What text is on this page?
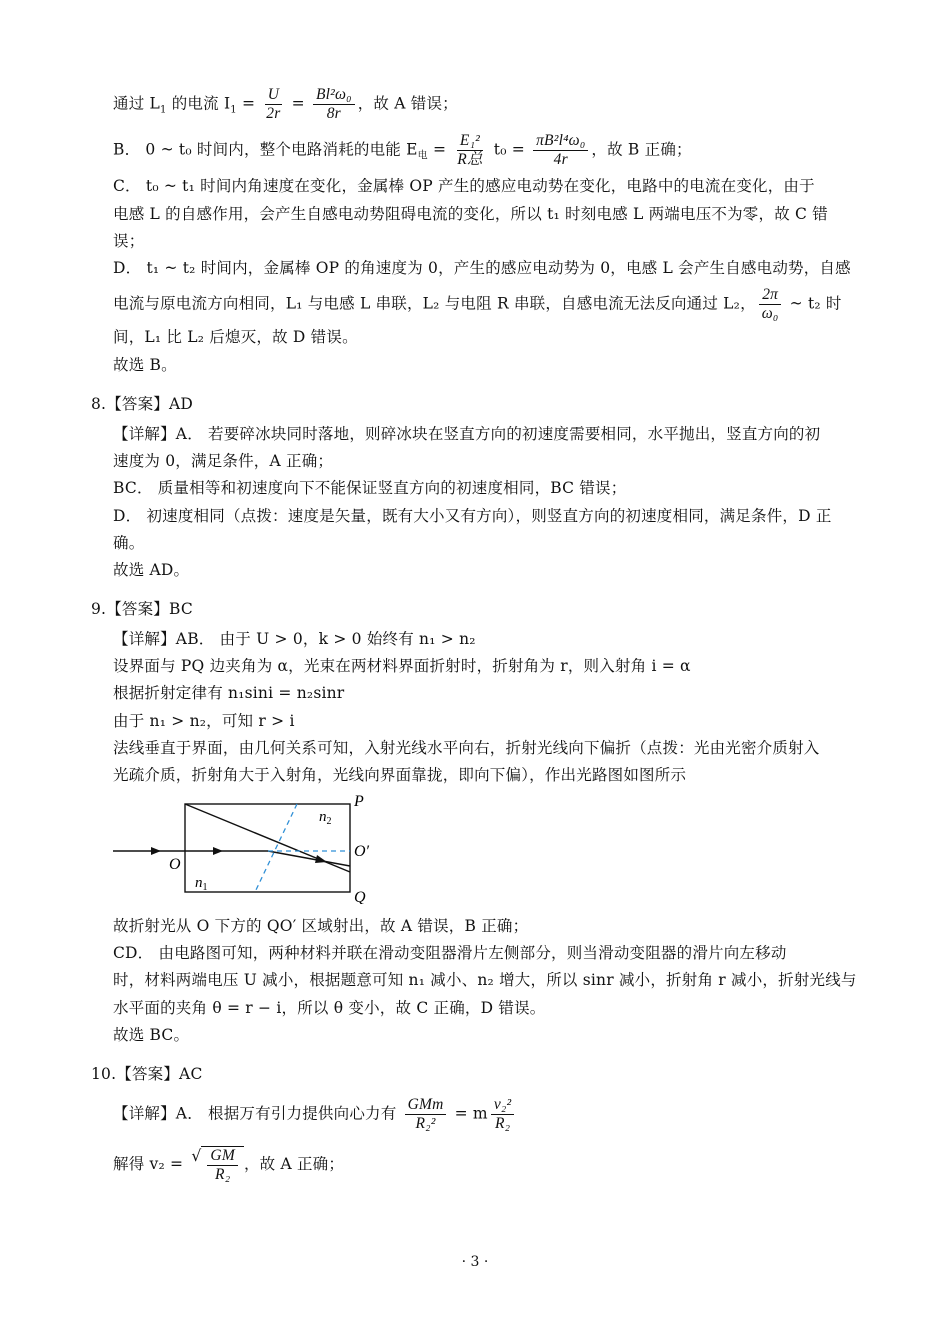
通过 $L_1$ 的电流 $I_1 = \frac{U}{2r} = \frac{\text{Bl²ω₀}}{8r}$ ，故 A 错误；
B． 0 ~ t₀ 时间内，整个电路消耗的电能 $E_电 = \frac{\text{E₁²}}{\text{R总}} t_0 = \frac{\text{πB²l⁴ω₀}}{4r}$ ，故 B 正确；
C． t₀ ~ t₁ 时间内角速度在变化，金属棒 OP 产生的感应电动势在变化，电路中的电流在变化，由于
电感 L 的自感作用，会产生自感电动势阻碍电流的变化，所以 t₁ 时刻电感 L 两端电压不为零，故 C 错
误；
D． t₁ ~ t₂ 时间内，金属棒 OP 的角速度为 0，产生的感应电动势为 0，电感 L 会产生自感电动势，自感
电流与原电流方向相同，L₁ 与电感 L 串联，L₂ 与电阻 R 串联，自感电流无法反向通过 L₂， $\frac{2\pi}{\text{ω₀}}$ ~ t₂ 时
间，L₁ 比 L₂ 后熄灭，故 D 错误。
故选 B。
8.【答案】AD
【详解】A． 若要碎冰块同时落地，则碎冰块在竖直方向的初速度需要相同，水平抛出，竖直方向的初
速度为 0，满足条件，A 正确；
BC． 质量相等和初速度向下不能保证竖直方向的初速度相同，BC 错误；
D． 初速度相同（点拨：速度是矢量，既有大小又有方向），则竖直方向的初速度相同，满足条件，D 正
确。
故选 AD。
9.【答案】BC
【详解】AB． 由于 U > 0，k > 0 始终有 n₁ > n₂
设界面与 PQ 边夹角为 α，光束在两材料界面折射时，折射角为 r，则入射角 i = α
根据折射定律有 n₁sini = n₂sinr
由于 n₁ > n₂，可知 r > i
法线垂直于界面，由几何关系可知，入射光线水平向右，折射光线向下偏折（点拨：光由光密介质射入
光疏介质，折射角大于入射角，光线向界面靠拢，即向下偏），作出光路图如图所示
P
O′
Q
O
$n_1$
$n_2$
故折射光从 O 下方的 QO′ 区域射出，故 A 错误，B 正确；
CD． 由电路图可知，两种材料并联在滑动变阻器滑片左侧部分，则当滑动变阻器的滑片向左移动
时，材料两端电压 U 减小，根据题意可知 n₁ 减小、n₂ 增大，所以 sinr 减小，折射角 r 减小，折射光线与
水平面的夹角 θ = r − i，所以 θ 变小，故 C 正确，D 错误。
故选 BC。
10.【答案】AC
【详解】A． 根据万有引力提供向心力有 $\frac{\text{GMm}}{\text{R₂²}} = m \frac{\text{v₂²}}{\text{R₂}}$
解得 v₂ = √ $\frac{GM}{\text{R₂}}$ ，故 A 正确；
· 3 ·
